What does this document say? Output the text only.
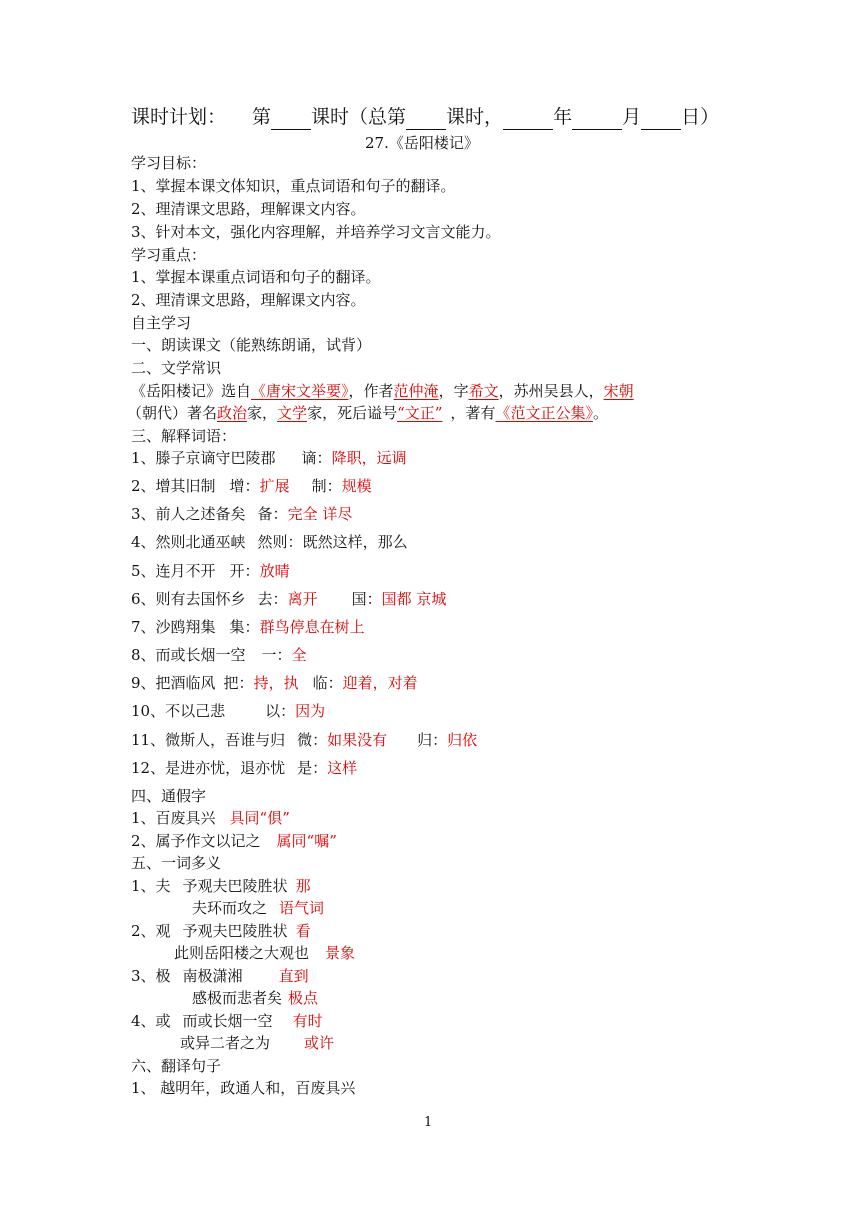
课时计划： 第 课时（总第 课时，	年	月 日）
27.《岳阳楼记》
学习目标：
1、掌握本课文体知识，重点词语和句子的翻译。
2、理清课文思路，理解课文内容。
3、针对本文，强化内容理解，并培养学习文言文能力。
学习重点：
1、掌握本课重点词语和句子的翻译。
2、理清课文思路，理解课文内容。
自主学习
一、朗读课文（能熟练朗诵，试背）
二、文学常识
《岳阳楼记》选自《唐宋文举要》，作者范仲淹，字希文，苏州吴县人，宋朝
（朝代）著名政治家，文学家，死后谥号“文正” ，著有《范文正公集》。
三、解释词语：
1、滕子京谪守巴陵郡 谪：降职，远调
2、增其旧制 增：扩展 制：规模
3、前人之述备矣 备：完全 详尽
4、然则北通巫峡 然则：既然这样，那么
5、连月不开 开：放晴
6、则有去国怀乡 去：离开 国：国都 京城
7、沙鸥翔集 集：群鸟停息在树上
8、而或长烟一空 一：全
9、把酒临风 把：持，执 临：迎着，对着
10、不以己悲	以：因为
11、微斯人，吾谁与归 微：如果没有 归：归依
12、是进亦忧，退亦忧 是：这样
四、通假字
1、百废具兴 具同“俱”
2、属予作文以记之 属同“嘱”
五、一词多义
1、夫 予观夫巴陵胜状 那
夫环而攻之 语气词
2、观 予观夫巴陵胜状 看
此则岳阳楼之大观也 景象
3、极 南极潇湘 直到
感极而悲者矣 极点
4、或 而或长烟一空 有时
或异二者之为 或许
六、翻译句子
1、 越明年，政通人和，百废具兴
1
